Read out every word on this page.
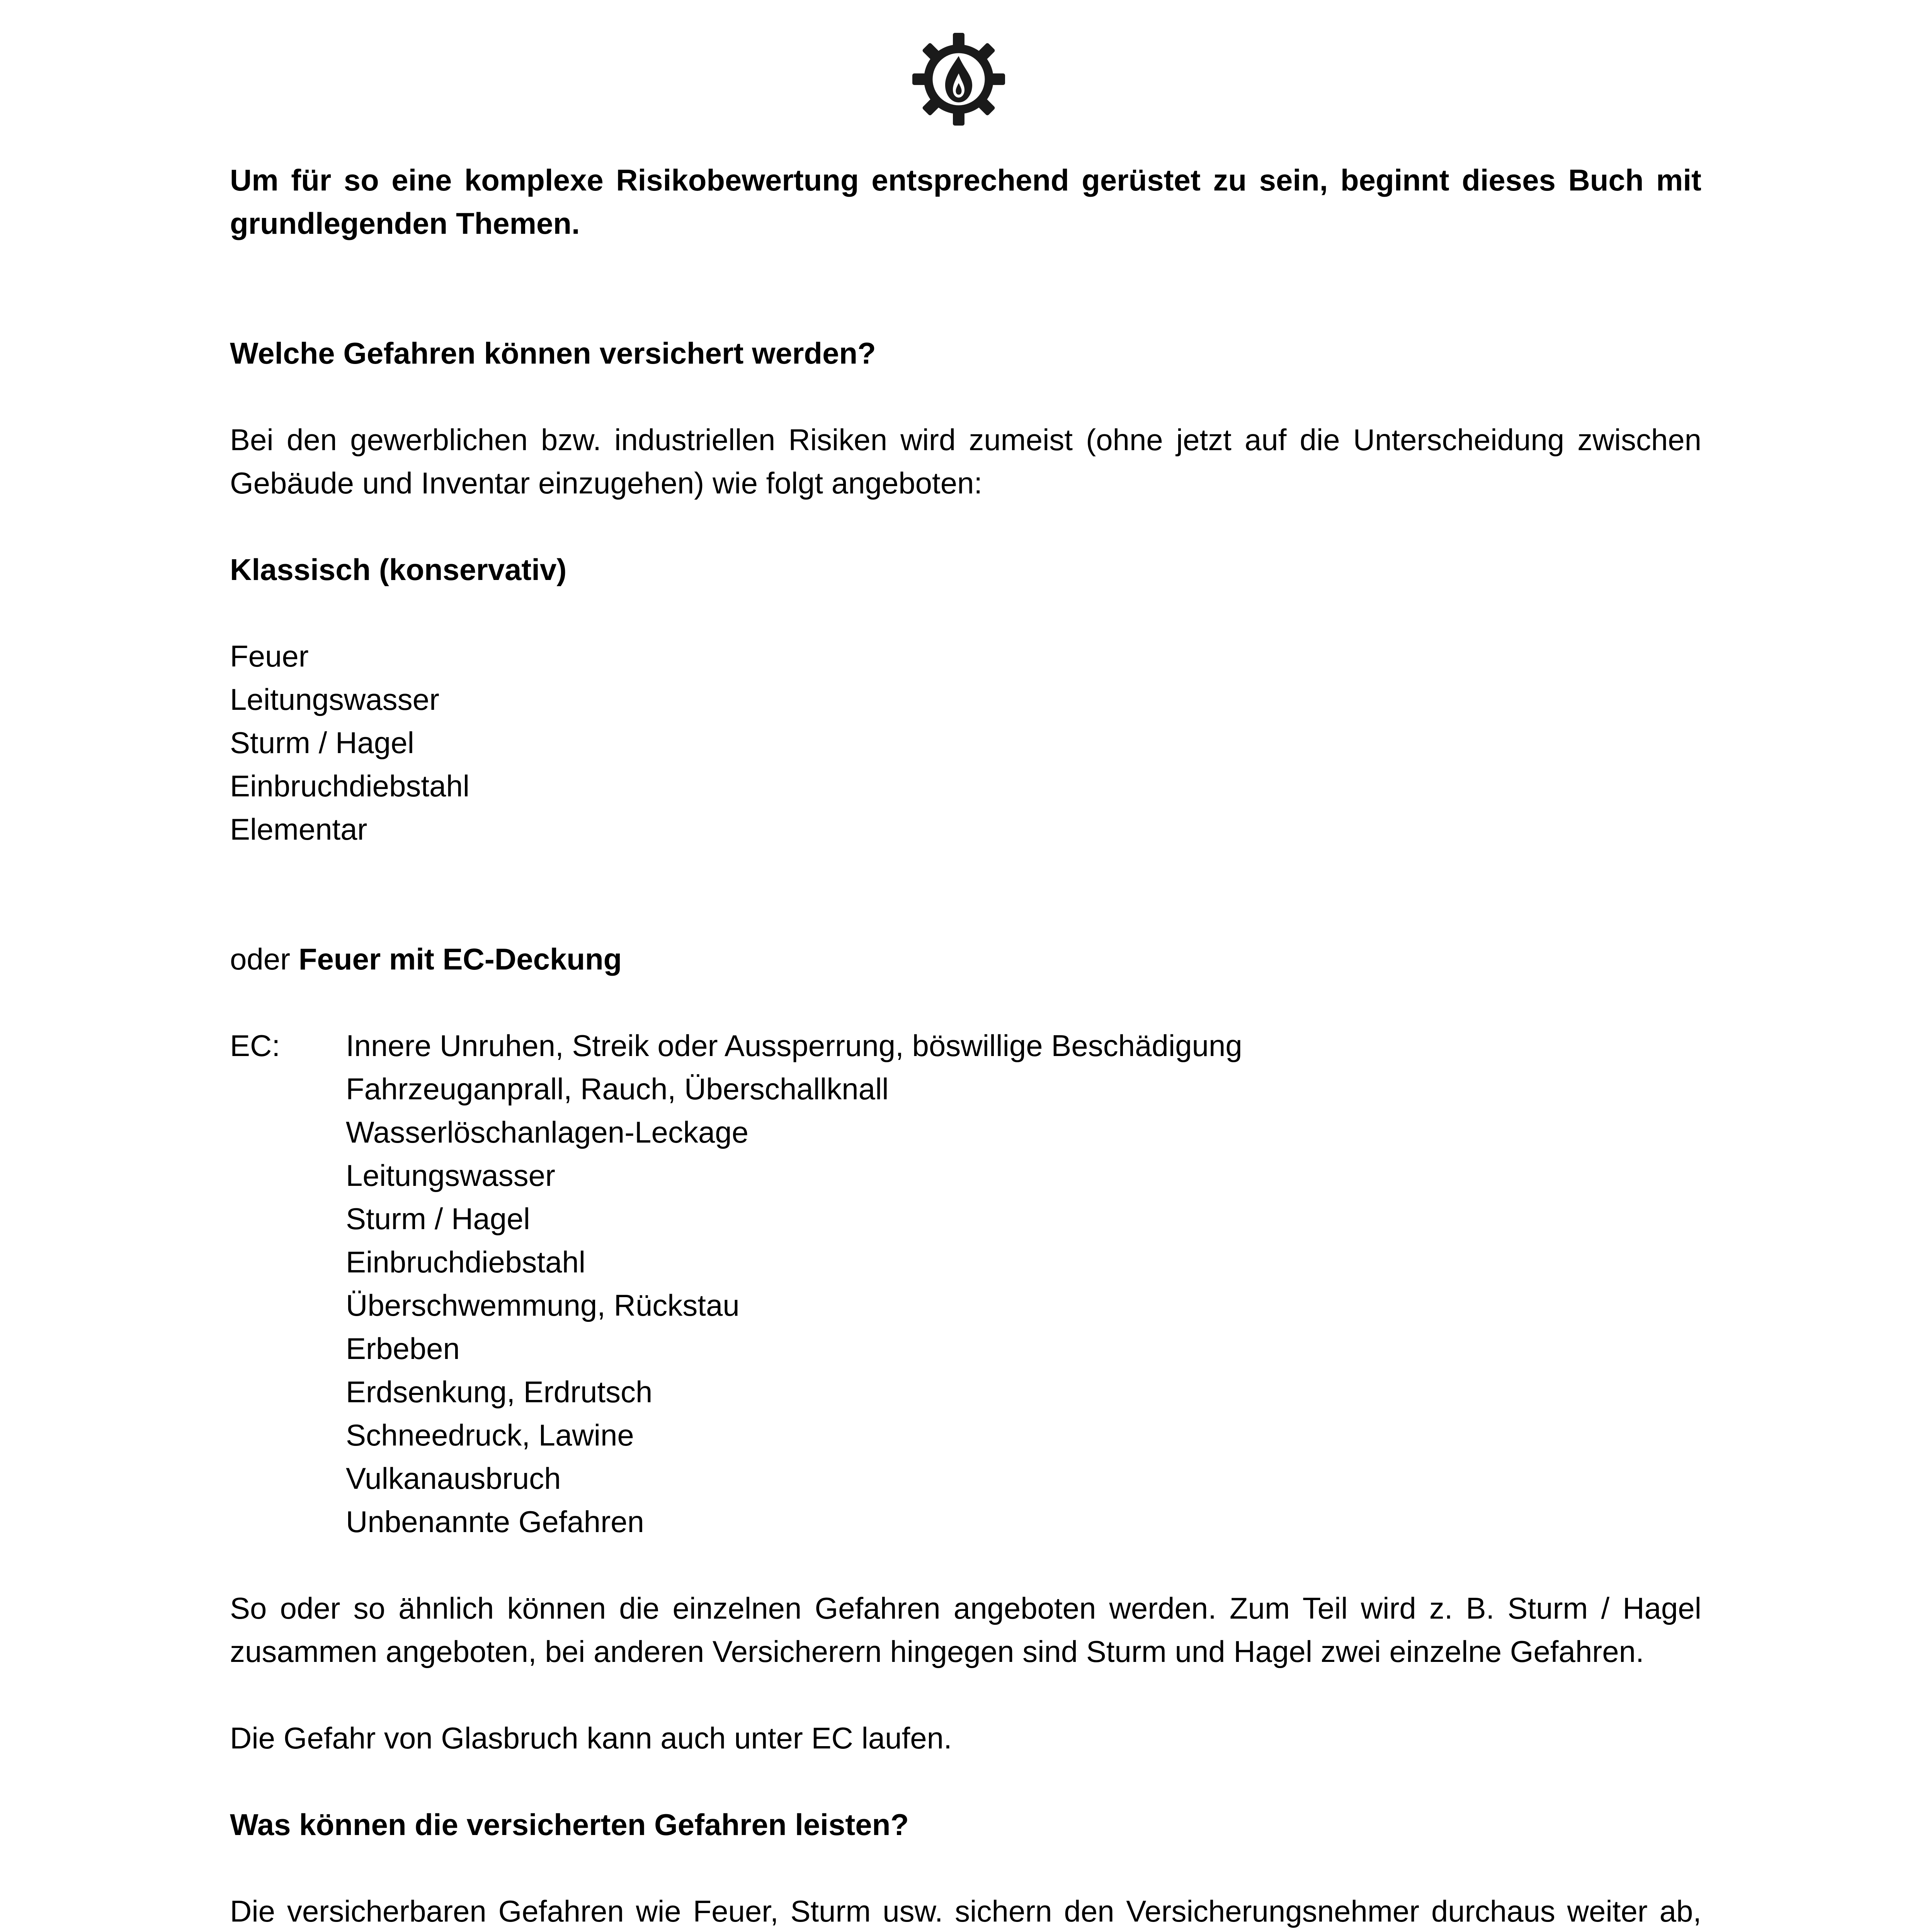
Um für so eine komplexe Risikobewertung entsprechend gerüstet zu sein, beginnt dieses Buch mit grundlegenden Themen.

Welche Gefahren können versichert werden?

Bei den gewerblichen bzw. industriellen Risiken wird zumeist (ohne jetzt auf die Unterscheidung zwischen Gebäude und Inventar einzugehen) wie folgt angeboten:

Klassisch (konservativ)

Feuer

Leitungswasser

Sturm / Hagel

Einbruchdiebstahl

Elementar

oder Feuer mit EC-Deckung

EC: Innere Unruhen, Streik oder Aussperrung, böswillige Beschädigung

Fahrzeuganprall, Rauch, Überschallknall

Wasserlöschanlagen-Leckage

Leitungswasser

Sturm / Hagel

Einbruchdiebstahl

Überschwemmung, Rückstau

Erbeben

Erdsenkung, Erdrutsch

Schneedruck, Lawine

Vulkanausbruch

Unbenannte Gefahren

So oder so ähnlich können die einzelnen Gefahren angeboten werden. Zum Teil wird z. B. Sturm / Hagel zusammen angeboten, bei anderen Versicherern hingegen sind Sturm und Hagel zwei einzelne Gefahren.

Die Gefahr von Glasbruch kann auch unter EC laufen.

Was können die versicherten Gefahren leisten?

Die versicherbaren Gefahren wie Feuer, Sturm usw. sichern den Versicherungsnehmer durchaus weiter ab,
